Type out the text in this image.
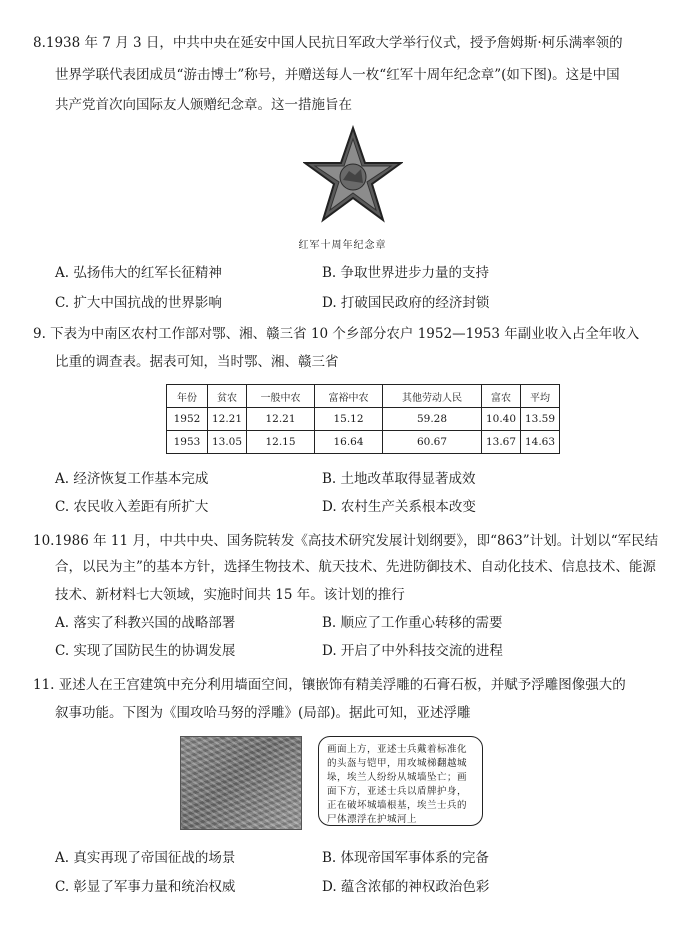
8.1938 年 7 月 3 日，中共中央在延安中国人民抗日军政大学举行仪式，授予詹姆斯·柯乐满率领的
世界学联代表团成员“游击博士”称号，并赠送每人一枚“红军十周年纪念章”(如下图)。这是中国
共产党首次向国际友人颁赠纪念章。这一措施旨在
红军十周年纪念章
A. 弘扬伟大的红军长征精神	B. 争取世界进步力量的支持
C. 扩大中国抗战的世界影响	D. 打破国民政府的经济封锁
9. 下表为中南区农村工作部对鄂、湘、赣三省 10 个乡部分农户 1952—1953 年副业收入占全年收入
比重的调查表。据表可知，当时鄂、湘、赣三省
年份	贫农	一般中农	富裕中农	其他劳动人民	富农	平均
1952	12.21	12.21	15.12	59.28	10.40	13.59
1953	13.05	12.15	16.64	60.67	13.67	14.63
A. 经济恢复工作基本完成	B. 土地改革取得显著成效
C. 农民收入差距有所扩大	D. 农村生产关系根本改变
10.1986 年 11 月，中共中央、国务院转发《高技术研究发展计划纲要》，即“863”计划。计划以“军民结
合，以民为主”的基本方针，选择生物技术、航天技术、先进防御技术、自动化技术、信息技术、能源
技术、新材料七大领域，实施时间共 15 年。该计划的推行
A. 落实了科教兴国的战略部署	B. 顺应了工作重心转移的需要
C. 实现了国防民生的协调发展	D. 开启了中外科技交流的进程
11. 亚述人在王宫建筑中充分利用墙面空间，镶嵌饰有精美浮雕的石膏石板，并赋予浮雕图像强大的
叙事功能。下图为《围攻哈马努的浮雕》(局部)。据此可知，亚述浮雕
画面上方，亚述士兵戴着标准化的头盔与铠甲，用攻城梯翻越城垛，埃兰人纷纷从城墙坠亡；画面下方，亚述士兵以盾牌护身，正在破坏城墙根基，埃兰士兵的尸体漂浮在护城河上
A. 真实再现了帝国征战的场景	B. 体现帝国军事体系的完备
C. 彰显了军事力量和统治权威	D. 蕴含浓郁的神权政治色彩
